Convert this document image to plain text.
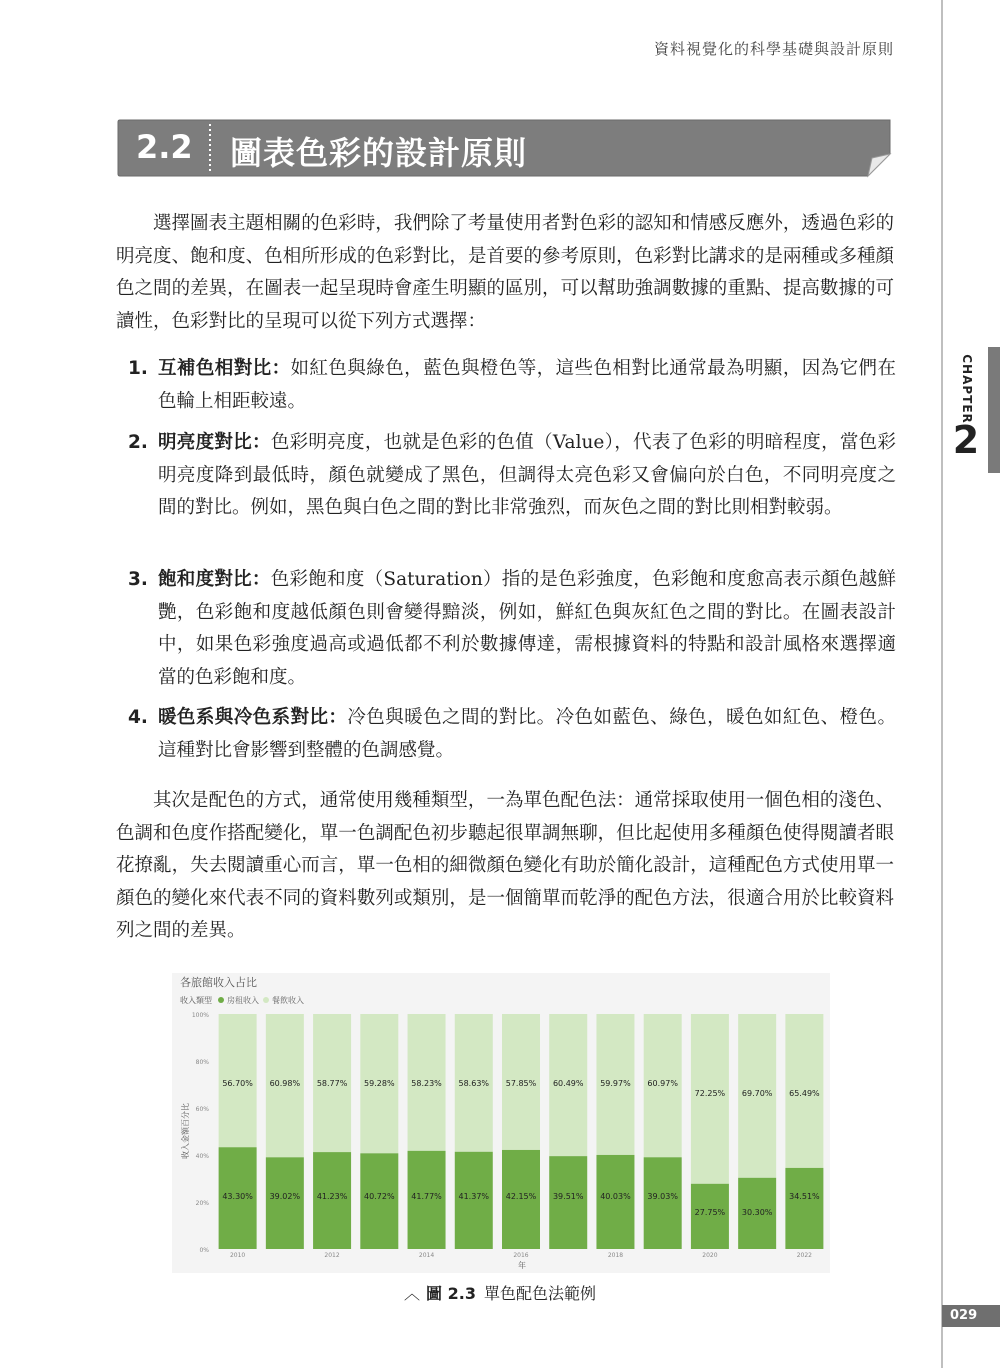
資料視覺化的科學基礎與設計原則
CHAPTER
2
029
2.2 圖表色彩的設計原則

選擇圖表主題相關的色彩時，我們除了考量使用者對色彩的認知和情感反應外，透過色彩的明亮度、飽和度、色相所形成的色彩對比，是首要的參考原則，色彩對比講求的是兩種或多種顏色之間的差異，在圖表一起呈現時會產生明顯的區別，可以幫助強調數據的重點、提高數據的可讀性，色彩對比的呈現可以從下列方式選擇：

1. 互補色相對比：如紅色與綠色，藍色與橙色等，這些色相對比通常最為明顯，因為它們在色輪上相距較遠。
2. 明亮度對比：色彩明亮度，也就是色彩的色值（Value），代表了色彩的明暗程度，當色彩明亮度降到最低時，顏色就變成了黑色，但調得太亮色彩又會偏向於白色，不同明亮度之間的對比。例如，黑色與白色之間的對比非常強烈，而灰色之間的對比則相對較弱。
3. 飽和度對比：色彩飽和度（Saturation）指的是色彩強度，色彩飽和度愈高表示顏色越鮮艷，色彩飽和度越低顏色則會變得黯淡，例如，鮮紅色與灰紅色之間的對比。在圖表設計中，如果色彩強度過高或過低都不利於數據傳達，需根據資料的特點和設計風格來選擇適當的色彩飽和度。
4. 暖色系與冷色系對比：冷色與暖色之間的對比。冷色如藍色、綠色，暖色如紅色、橙色。這種對比會影響到整體的色調感覺。

其次是配色的方式，通常使用幾種類型，一為單色配色法：通常採取使用一個色相的淺色、色調和色度作搭配變化，單一色調配色初步聽起很單調無聊，但比起使用多種顏色使得閱讀者眼花撩亂，失去閱讀重心而言，單一色相的細微顏色變化有助於簡化設計，這種配色方式使用單一顏色的變化來代表不同的資料數列或類別，是一個簡單而乾淨的配色方法，很適合用於比較資料列之間的差異。

各旅館收入占比
收入類型 房租收入 餐飲收入
收入金額百分比
年
0%
20%
40%
60%
80%
100%
56.70%
43.30%
60.98%
39.02%
58.77%
41.23%
59.28%
40.72%
58.23%
41.77%
58.63%
41.37%
57.85%
42.15%
60.49%
39.51%
59.97%
40.03%
60.97%
39.03%
72.25%
27.75%
69.70%
30.30%
65.49%
34.51%
2010	2012	2014	2016	2018	2020	2022
︿ 圖 2.3 單色配色法範例
